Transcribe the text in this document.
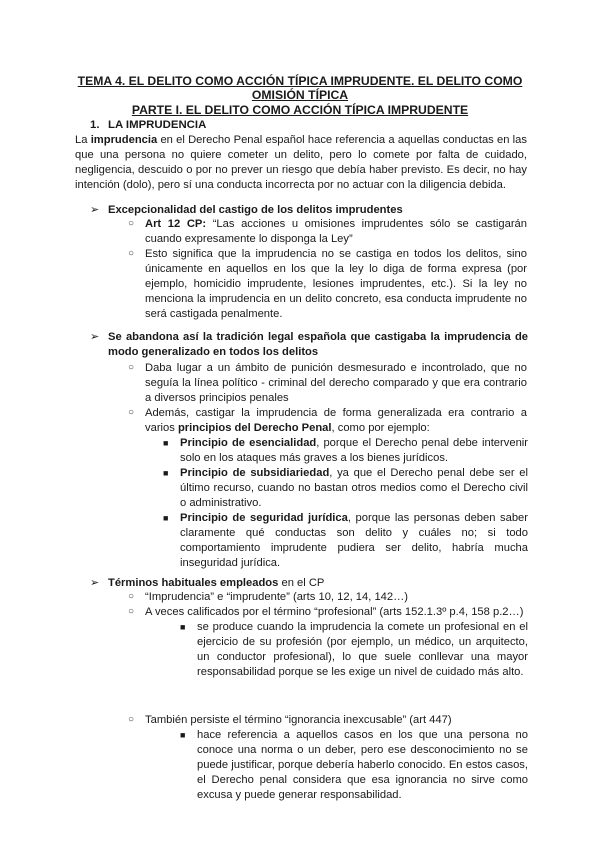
TEMA 4. EL DELITO COMO ACCIÓN TÍPICA IMPRUDENTE. EL DELITO COMO
OMISIÓN TÍPICA
PARTE I. EL DELITO COMO ACCIÓN TÍPICA IMPRUDENTE
1. LA IMPRUDENCIA
La imprudencia en el Derecho Penal español hace referencia a aquellas conductas en las que una persona no quiere cometer un delito, pero lo comete por falta de cuidado, negligencia, descuido o por no prever un riesgo que debía haber previsto. Es decir, no hay intención (dolo), pero sí una conducta incorrecta por no actuar con la diligencia debida.
➢ Excepcionalidad del castigo de los delitos imprudentes
○ Art 12 CP: “Las acciones u omisiones imprudentes sólo se castigarán cuando expresamente lo disponga la Ley”
○ Esto significa que la imprudencia no se castiga en todos los delitos, sino únicamente en aquellos en los que la ley lo diga de forma expresa (por ejemplo, homicidio imprudente, lesiones imprudentes, etc.). Si la ley no menciona la imprudencia en un delito concreto, esa conducta imprudente no será castigada penalmente.
➢ Se abandona así la tradición legal española que castigaba la imprudencia de modo generalizado en todos los delitos
○ Daba lugar a un ámbito de punición desmesurado e incontrolado, que no seguía la línea político - criminal del derecho comparado y que era contrario a diversos principios penales
○ Además, castigar la imprudencia de forma generalizada era contrario a varios principios del Derecho Penal, como por ejemplo:
■ Principio de esencialidad, porque el Derecho penal debe intervenir solo en los ataques más graves a los bienes jurídicos.
■ Principio de subsidiariedad, ya que el Derecho penal debe ser el último recurso, cuando no bastan otros medios como el Derecho civil o administrativo.
■ Principio de seguridad jurídica, porque las personas deben saber claramente qué conductas son delito y cuáles no; si todo comportamiento imprudente pudiera ser delito, habría mucha inseguridad jurídica.
➢ Términos habituales empleados en el CP
○ “Imprudencia” e “imprudente” (arts 10, 12, 14, 142…)
○ A veces calificados por el término “profesional” (arts 152.1.3º p.4, 158 p.2…)
■ se produce cuando la imprudencia la comete un profesional en el ejercicio de su profesión (por ejemplo, un médico, un arquitecto, un conductor profesional), lo que suele conllevar una mayor responsabilidad porque se les exige un nivel de cuidado más alto.
○ También persiste el término “ignorancia inexcusable” (art 447)
■ hace referencia a aquellos casos en los que una persona no conoce una norma o un deber, pero ese desconocimiento no se puede justificar, porque debería haberlo conocido. En estos casos, el Derecho penal considera que esa ignorancia no sirve como excusa y puede generar responsabilidad.
